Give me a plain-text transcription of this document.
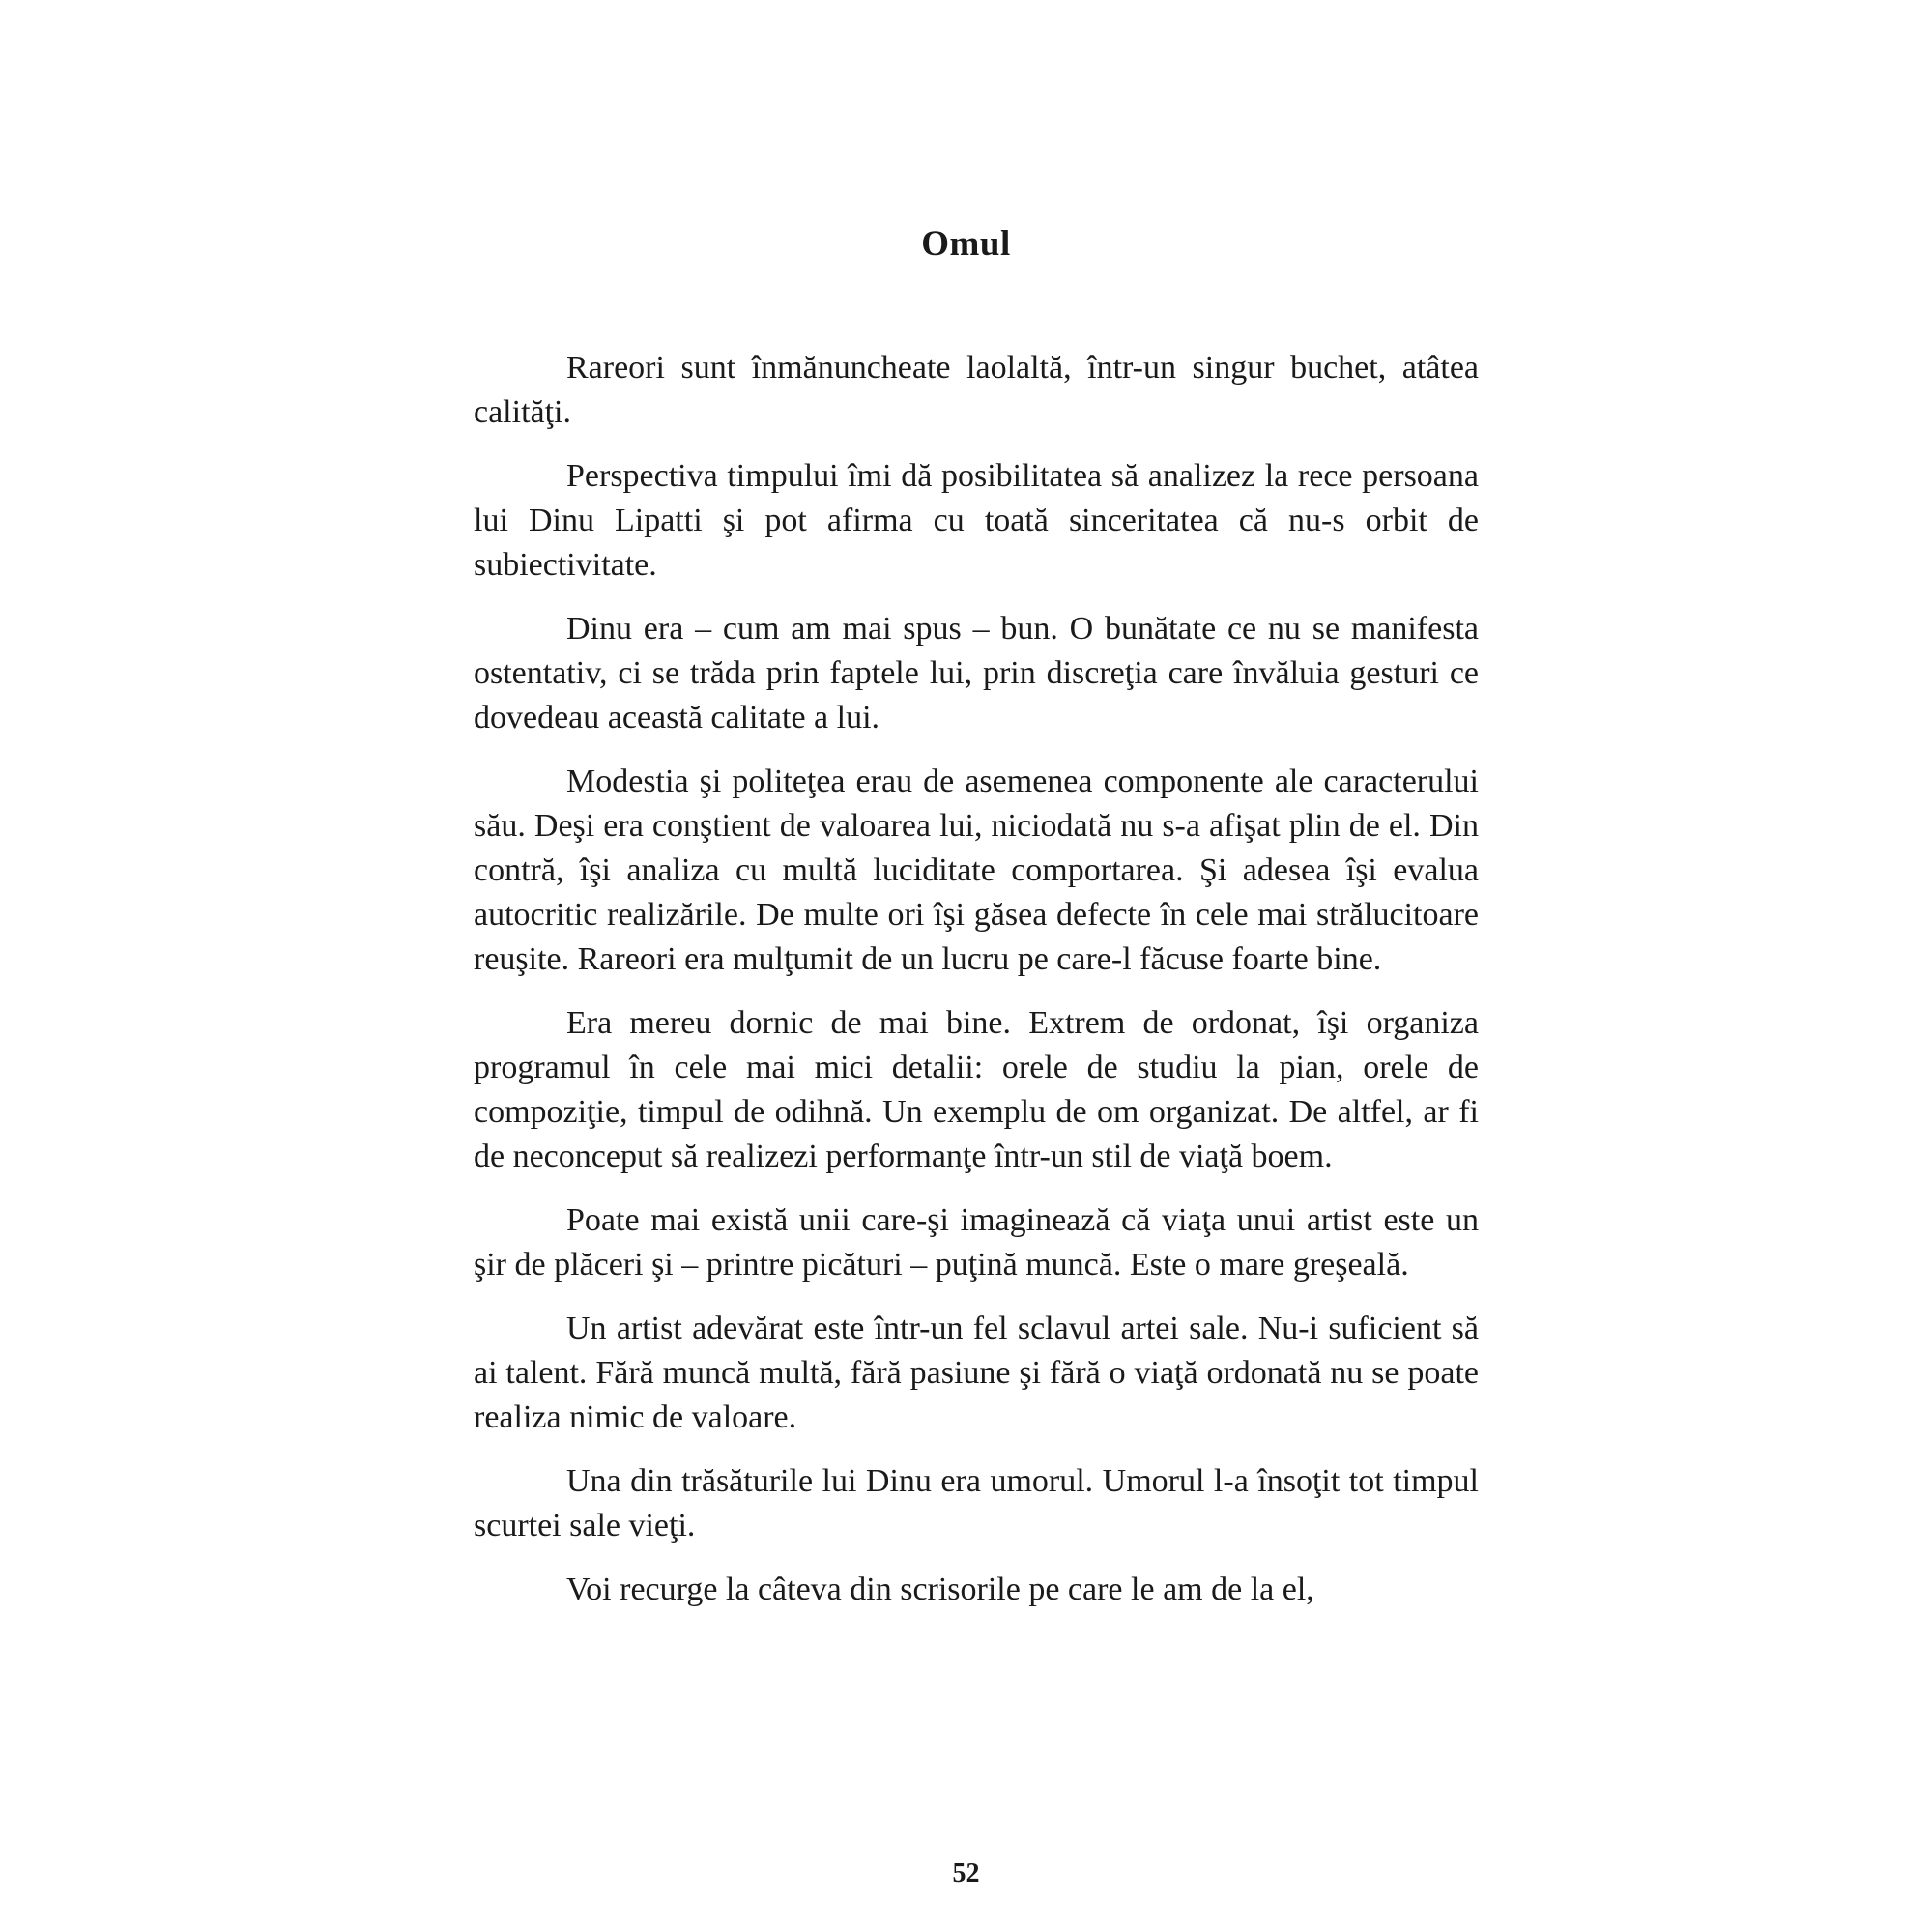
Omul

Rareori sunt înmănuncheate laolaltă, într-un singur buchet, atâtea calităţi.

Perspectiva timpului îmi dă posibilitatea să analizez la rece persoana lui Dinu Lipatti şi pot afirma cu toată sinceritatea că nu-s orbit de subiectivitate.

Dinu era – cum am mai spus – bun. O bunătate ce nu se manifesta ostentativ, ci se trăda prin faptele lui, prin discreţia care învăluia gesturi ce dovedeau această calitate a lui.

Modestia şi politeţea erau de asemenea componente ale caracterului său. Deşi era conştient de valoarea lui, niciodată nu s-a afişat plin de el. Din contră, îşi analiza cu multă luciditate comportarea. Şi adesea îşi evalua autocritic realizările. De multe ori îşi găsea defecte în cele mai strălucitoare reuşite. Rareori era mulţumit de un lucru pe care-l făcuse foarte bine.

Era mereu dornic de mai bine. Extrem de ordonat, îşi organiza programul în cele mai mici detalii: orele de studiu la pian, orele de compoziţie, timpul de odihnă. Un exemplu de om organizat. De altfel, ar fi de neconceput să realizezi performanţe într-un stil de viaţă boem.

Poate mai există unii care-şi imaginează că viaţa unui artist este un şir de plăceri şi – printre picături – puţină muncă. Este o mare greşeală.

Un artist adevărat este într-un fel sclavul artei sale. Nu-i suficient să ai talent. Fără muncă multă, fără pasiune şi fără o viaţă ordonată nu se poate realiza nimic de valoare.

Una din trăsăturile lui Dinu era umorul. Umorul l-a însoţit tot timpul scurtei sale vieţi.

Voi recurge la câteva din scrisorile pe care le am de la el,

52
